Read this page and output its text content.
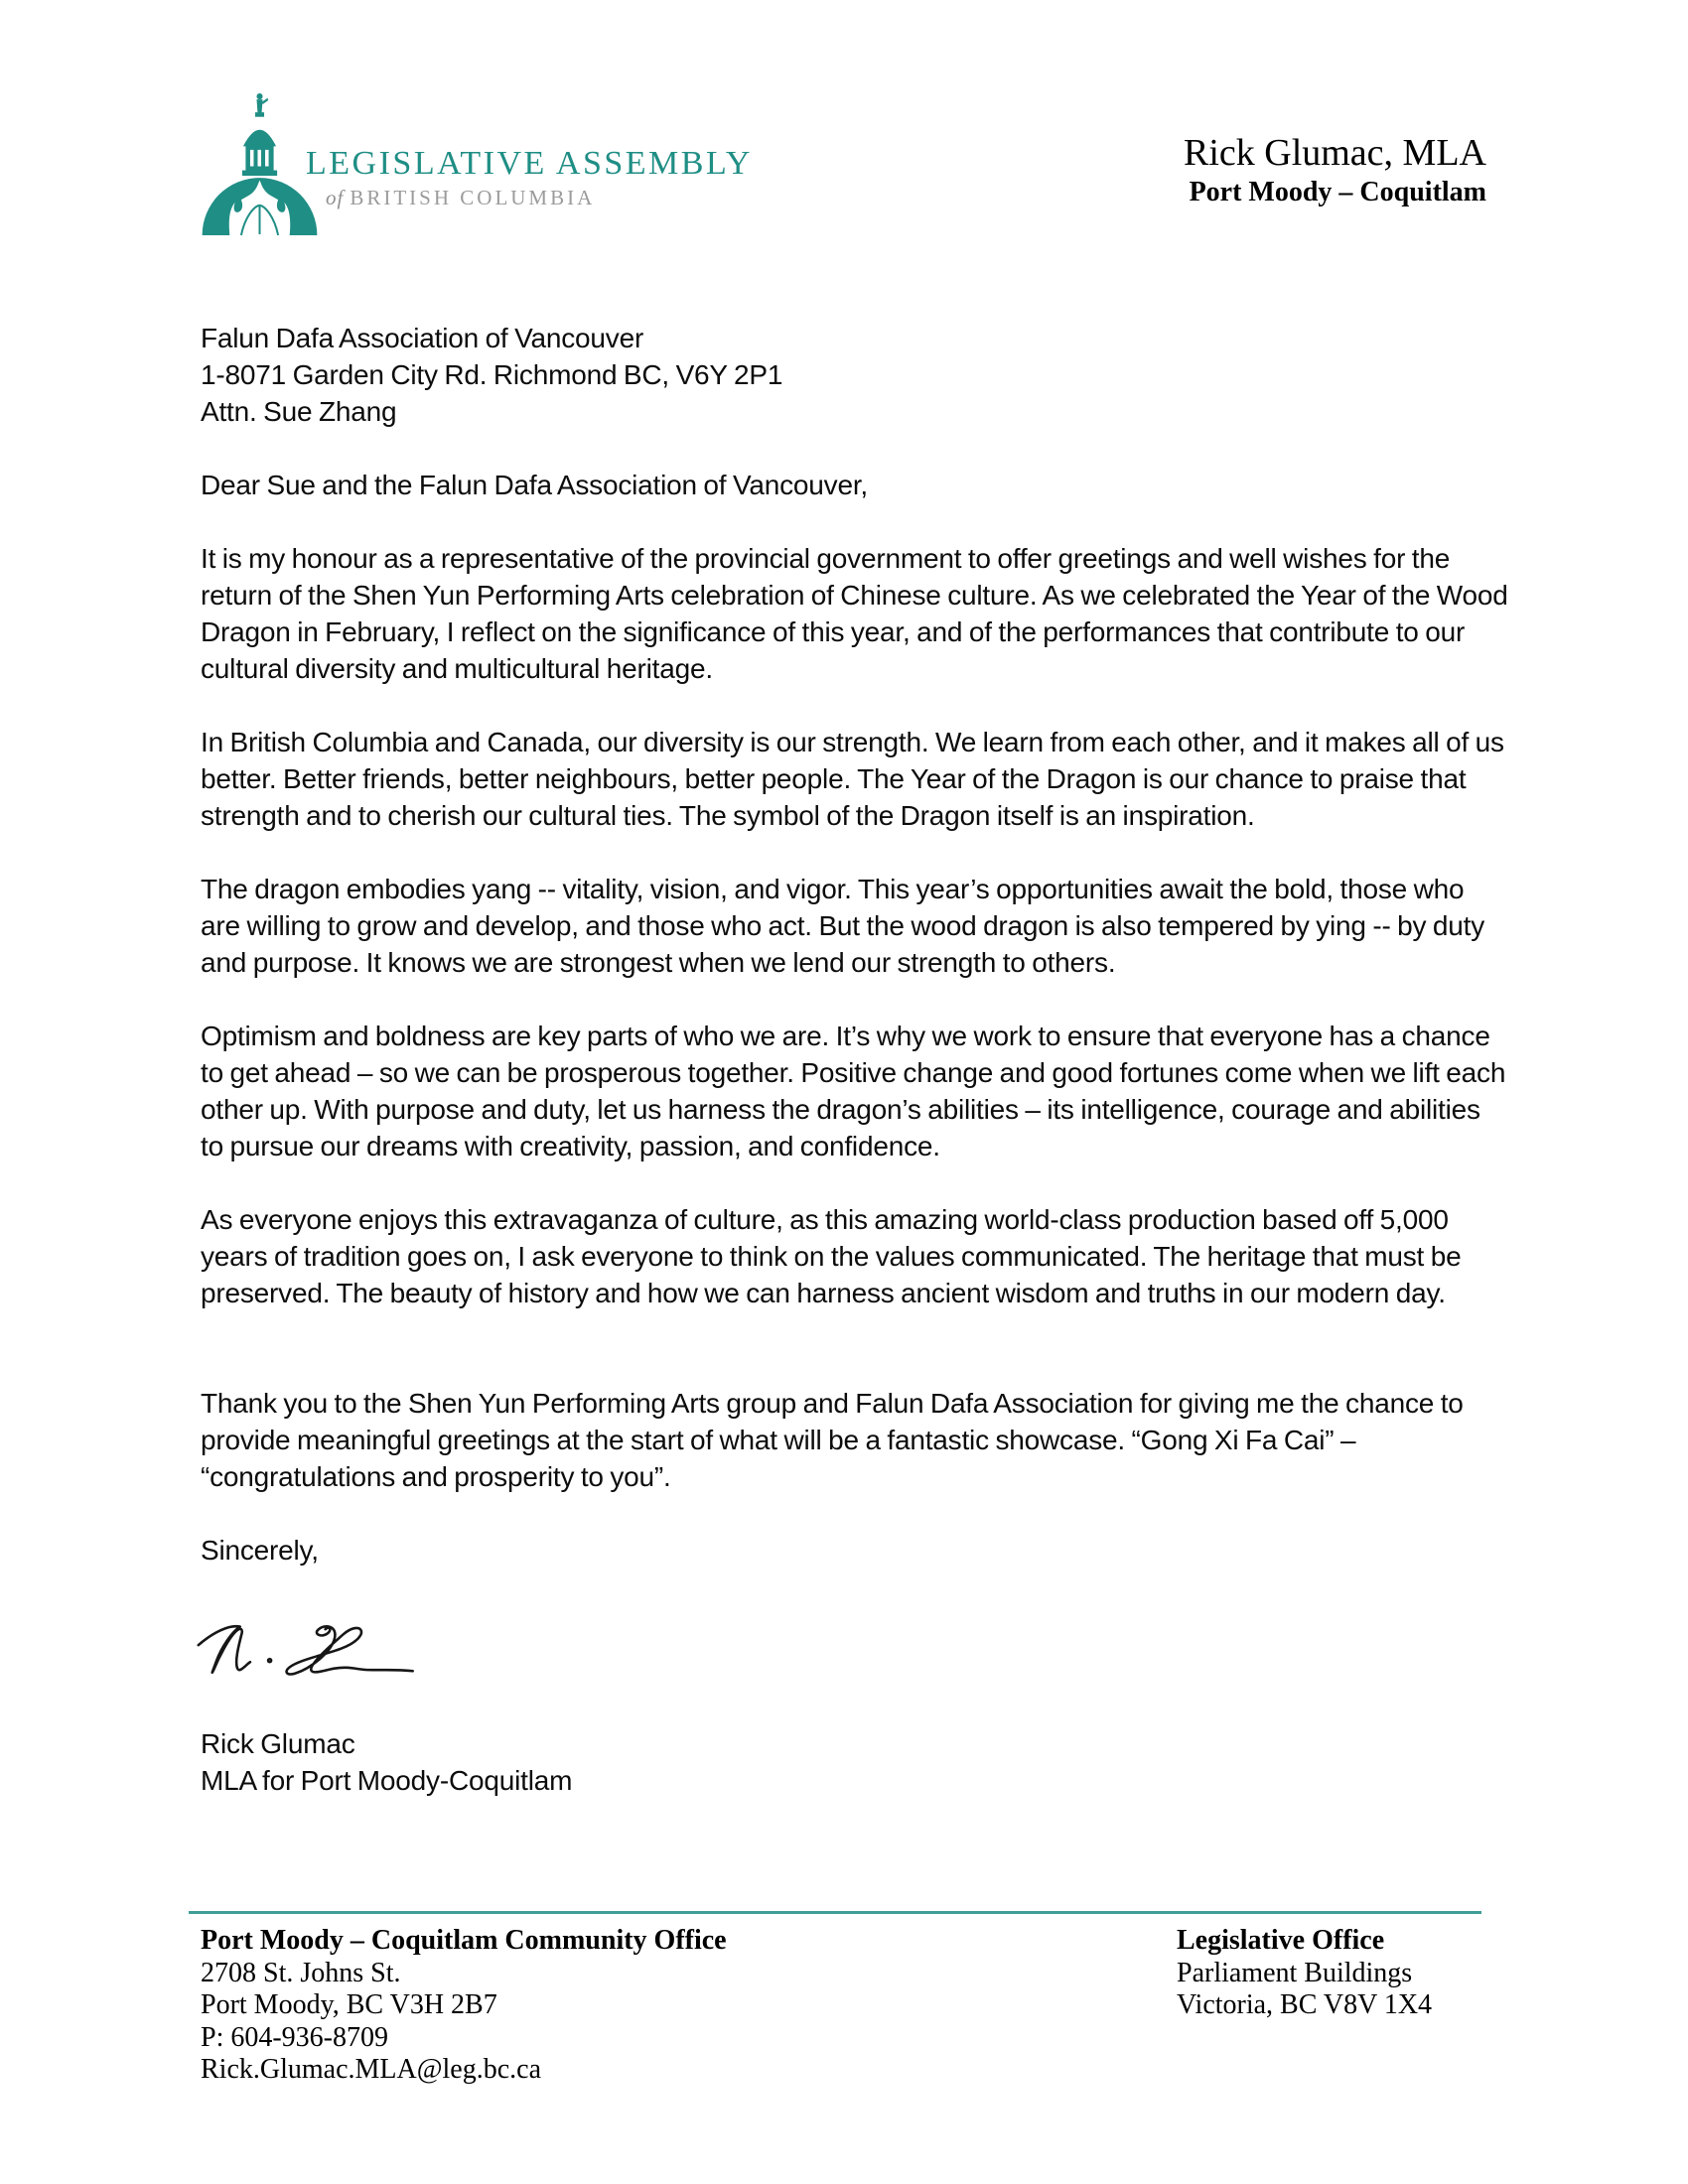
LEGISLATIVE ASSEMBLY
of BRITISH COLUMBIA
Rick Glumac, MLA
Port Moody – Coquitlam
Falun Dafa Association of Vancouver
1-8071 Garden City Rd. Richmond BC, V6Y 2P1
Attn. Sue Zhang
Dear Sue and the Falun Dafa Association of Vancouver,
It is my honour as a representative of the provincial government to offer greetings and well wishes for the return of the Shen Yun Performing Arts celebration of Chinese culture. As we celebrated the Year of the Wood Dragon in February, I reflect on the significance of this year, and of the performances that contribute to our cultural diversity and multicultural heritage.
In British Columbia and Canada, our diversity is our strength. We learn from each other, and it makes all of us better. Better friends, better neighbours, better people. The Year of the Dragon is our chance to praise that strength and to cherish our cultural ties. The symbol of the Dragon itself is an inspiration.
The dragon embodies yang -- vitality, vision, and vigor. This year’s opportunities await the bold, those who are willing to grow and develop, and those who act. But the wood dragon is also tempered by ying -- by duty and purpose. It knows we are strongest when we lend our strength to others.
Optimism and boldness are key parts of who we are. It’s why we work to ensure that everyone has a chance to get ahead – so we can be prosperous together. Positive change and good fortunes come when we lift each other up. With purpose and duty, let us harness the dragon’s abilities – its intelligence, courage and abilities to pursue our dreams with creativity, passion, and confidence.
As everyone enjoys this extravaganza of culture, as this amazing world-class production based off 5,000 years of tradition goes on, I ask everyone to think on the values communicated. The heritage that must be preserved. The beauty of history and how we can harness ancient wisdom and truths in our modern day.
Thank you to the Shen Yun Performing Arts group and Falun Dafa Association for giving me the chance to provide meaningful greetings at the start of what will be a fantastic showcase. “Gong Xi Fa Cai” – “congratulations and prosperity to you”.
Sincerely,
Rick Glumac
MLA for Port Moody-Coquitlam
Port Moody – Coquitlam Community Office
2708 St. Johns St.
Port Moody, BC V3H 2B7
P: 604-936-8709
Rick.Glumac.MLA@leg.bc.ca
Legislative Office
Parliament Buildings
Victoria, BC V8V 1X4
